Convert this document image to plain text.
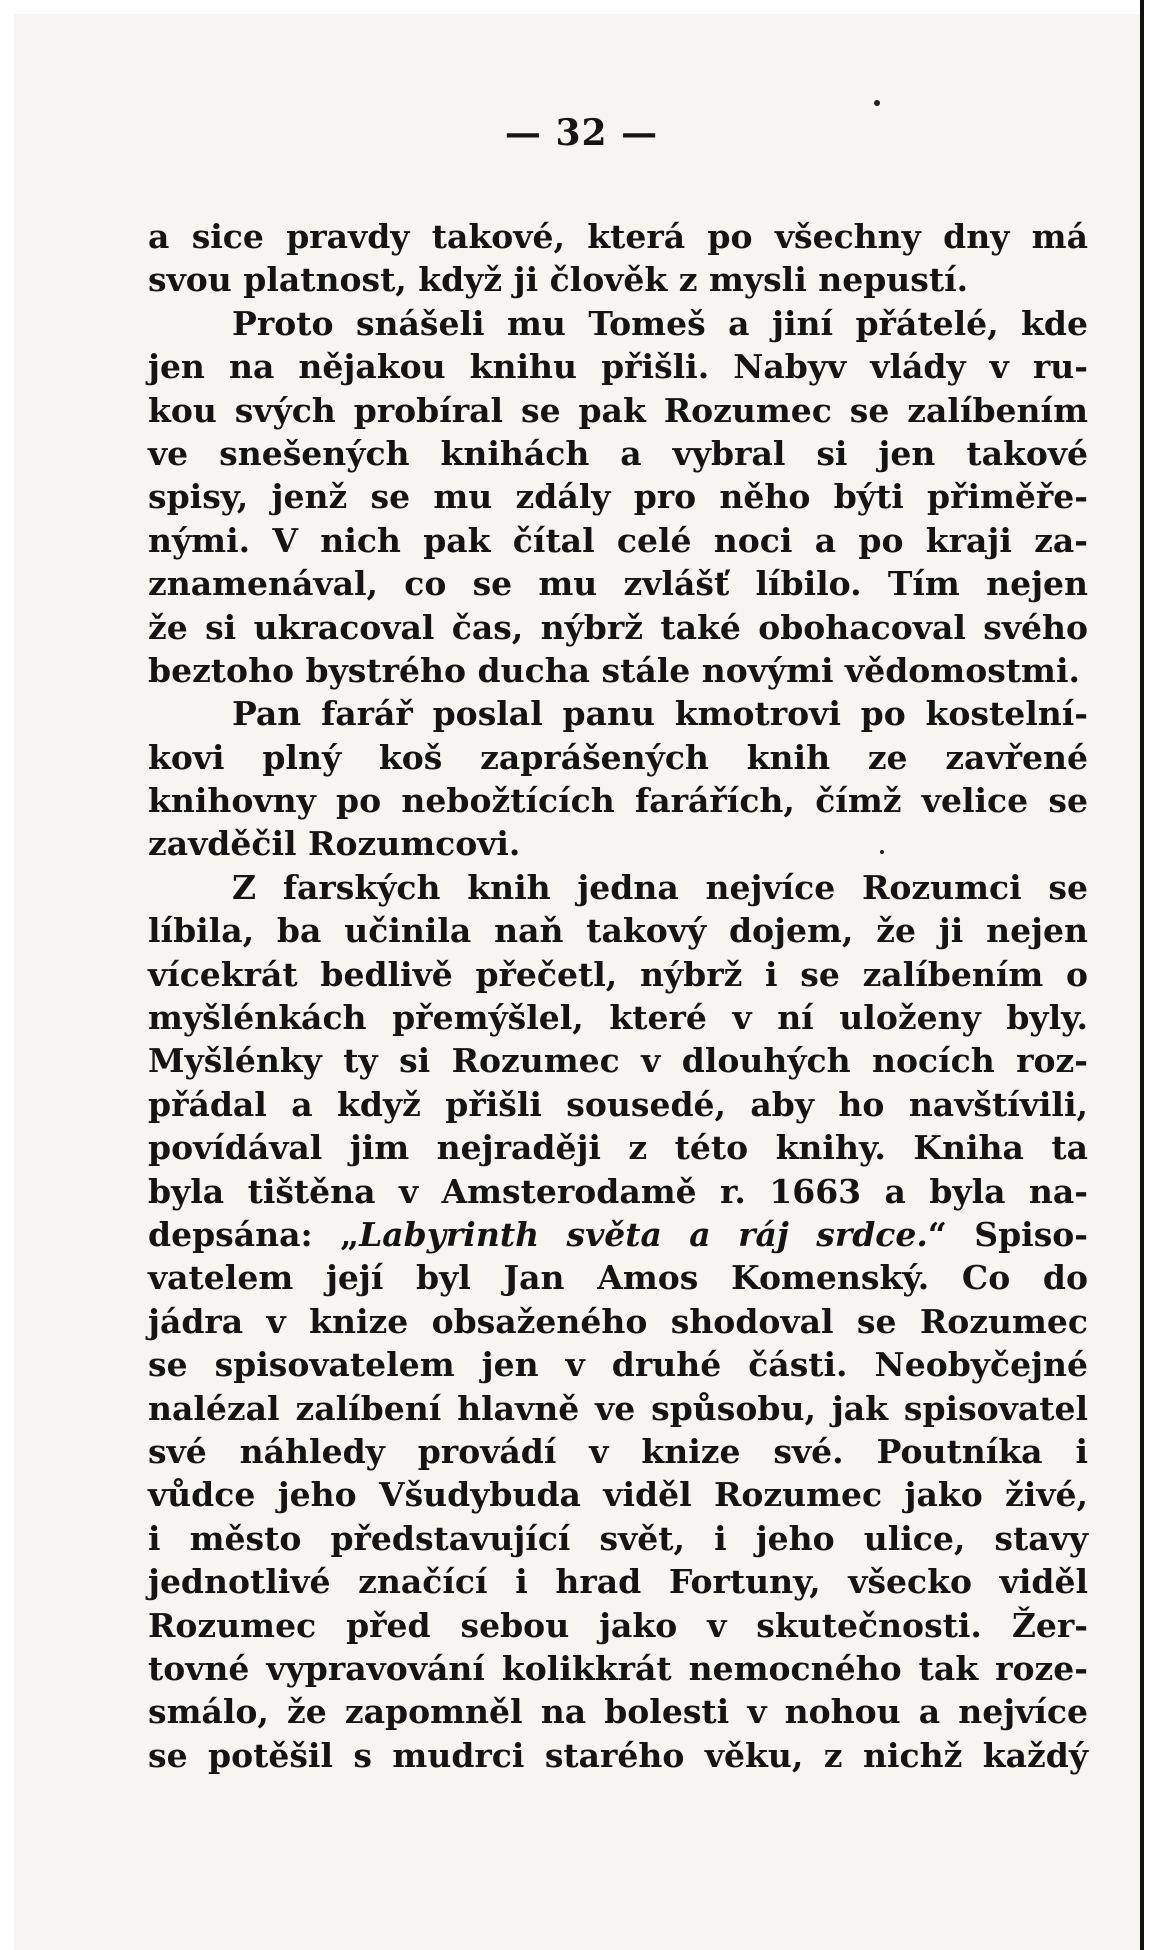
— 32 —
a sice pravdy takové, která po všechny dny má
svou platnost, když ji člověk z mysli nepustí.
Proto snášeli mu Tomeš a jiní přátelé, kde
jen na nějakou knihu přišli. Nabyv vlády v ru-
kou svých probíral se pak Rozumec se zalíbením
ve snešených knihách a vybral si jen takové
spisy, jenž se mu zdály pro něho býti přiměře-
nými. V nich pak čítal celé noci a po kraji za-
znamenával, co se mu zvlášť líbilo. Tím nejen
že si ukracoval čas, nýbrž také obohacoval svého
beztoho bystrého ducha stále novými vědomostmi.
Pan farář poslal panu kmotrovi po kostelní-
kovi plný koš zaprášených knih ze zavřené
knihovny po nebožtících farářích, čímž velice se
zavděčil Rozumcovi.
Z farských knih jedna nejvíce Rozumci se
líbila, ba učinila naň takový dojem, že ji nejen
vícekrát bedlivě přečetl, nýbrž i se zalíbením o
myšlénkách přemýšlel, které v ní uloženy byly.
Myšlénky ty si Rozumec v dlouhých nocích roz-
přádal a když přišli sousedé, aby ho navštívili,
povídával jim nejraději z této knihy. Kniha ta
byla tištěna v Amsterodamě r. 1663 a byla na-
depsána: „Labyrinth světa a ráj srdce.“ Spiso-
vatelem její byl Jan Amos Komenský. Co do
jádra v knize obsaženého shodoval se Rozumec
se spisovatelem jen v druhé části. Neobyčejné
nalézal zalíbení hlavně ve spůsobu, jak spisovatel
své náhledy provádí v knize své. Poutníka i
vůdce jeho Všudybuda viděl Rozumec jako živé,
i město představující svět, i jeho ulice, stavy
jednotlivé značící i hrad Fortuny, všecko viděl
Rozumec před sebou jako v skutečnosti. Žer-
tovné vypravování kolikkrát nemocného tak roze-
smálo, že zapomněl na bolesti v nohou a nejvíce
se potěšil s mudrci starého věku, z nichž každý
